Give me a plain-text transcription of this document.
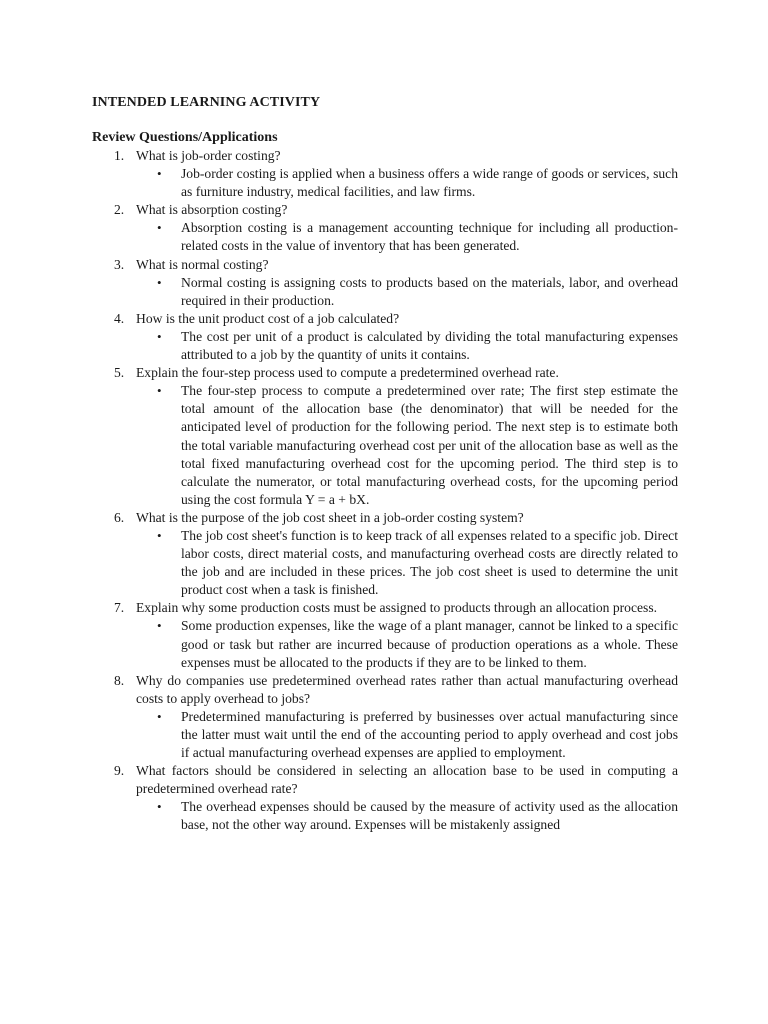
INTENDED LEARNING ACTIVITY
Review Questions/Applications
1. What is job-order costing?
• Job-order costing is applied when a business offers a wide range of goods or services, such as furniture industry, medical facilities, and law firms.
2. What is absorption costing?
• Absorption costing is a management accounting technique for including all production-related costs in the value of inventory that has been generated.
3. What is normal costing?
• Normal costing is assigning costs to products based on the materials, labor, and overhead required in their production.
4. How is the unit product cost of a job calculated?
• The cost per unit of a product is calculated by dividing the total manufacturing expenses attributed to a job by the quantity of units it contains.
5. Explain the four-step process used to compute a predetermined overhead rate.
• The four-step process to compute a predetermined over rate; The first step estimate the total amount of the allocation base (the denominator) that will be needed for the anticipated level of production for the following period. The next step is to estimate both the total variable manufacturing overhead cost per unit of the allocation base as well as the total fixed manufacturing overhead cost for the upcoming period. The third step is to calculate the numerator, or total manufacturing overhead costs, for the upcoming period using the cost formula Y = a + bX.
6. What is the purpose of the job cost sheet in a job-order costing system?
• The job cost sheet's function is to keep track of all expenses related to a specific job. Direct labor costs, direct material costs, and manufacturing overhead costs are directly related to the job and are included in these prices. The job cost sheet is used to determine the unit product cost when a task is finished.
7. Explain why some production costs must be assigned to products through an allocation process.
• Some production expenses, like the wage of a plant manager, cannot be linked to a specific good or task but rather are incurred because of production operations as a whole. These expenses must be allocated to the products if they are to be linked to them.
8. Why do companies use predetermined overhead rates rather than actual manufacturing overhead costs to apply overhead to jobs?
• Predetermined manufacturing is preferred by businesses over actual manufacturing since the latter must wait until the end of the accounting period to apply overhead and cost jobs if actual manufacturing overhead expenses are applied to employment.
9. What factors should be considered in selecting an allocation base to be used in computing a predetermined overhead rate?
• The overhead expenses should be caused by the measure of activity used as the allocation base, not the other way around. Expenses will be mistakenly assigned
